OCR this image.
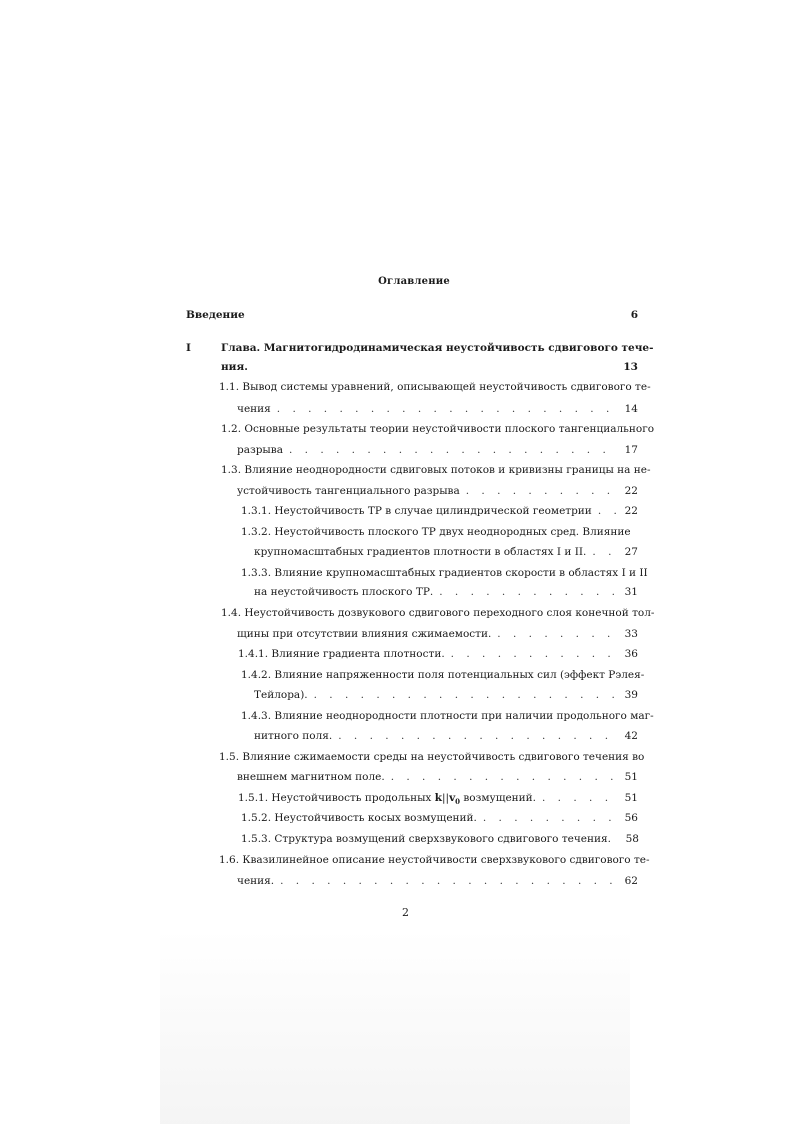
Оглавление
Введение	6
I	Глава. Магнитогидродинамическая неустойчивость сдвигового тече-
ния.	13
1.1. Вывод системы уравнений, описывающей неустойчивость сдвигового те-
чения . . .	14
1.2. Основные результаты теории неустойчивости плоского тангенциального
разрыва . . .	17
1.3. Влияние неоднородности сдвиговых потоков и кривизны границы на не-
устойчивость тангенциального разрыва . . .	22
1.3.1. Неустойчивость ТР в случае цилиндрической геометрии . . .	22
1.3.2. Неустойчивость плоского ТР двух неоднородных сред. Влияние
крупномасштабных градиентов плотности в областях I и II. . . .	27
1.3.3. Влияние крупномасштабных градиентов скорости в областях I и II
на неустойчивость плоского ТР. . . .	31
1.4. Неустойчивость дозвукового сдвигового переходного слоя конечной тол-
щины при отсутствии влияния сжимаемости. . . .	33
1.4.1. Влияние градиента плотности. . . .	36
1.4.2. Влияние напряженности поля потенциальных сил (эффект Рэлея-
Тейлора). . . .	39
1.4.3. Влияние неоднородности плотности при наличии продольного маг-
нитного поля. . . .	42
1.5. Влияние сжимаемости среды на неустойчивость сдвигового течения во
внешнем магнитном поле. . . .	51
1.5.1. Неустойчивость продольных $k||v_0$ возмущений. . . .	51
1.5.2. Неустойчивость косых возмущений. . . .	56
1.5.3. Структура возмущений сверхзвукового сдвигового течения. 58
1.6. Квазилинейное описание неустойчивости сверхзвукового сдвигового те-
чения. . . .	62
2
